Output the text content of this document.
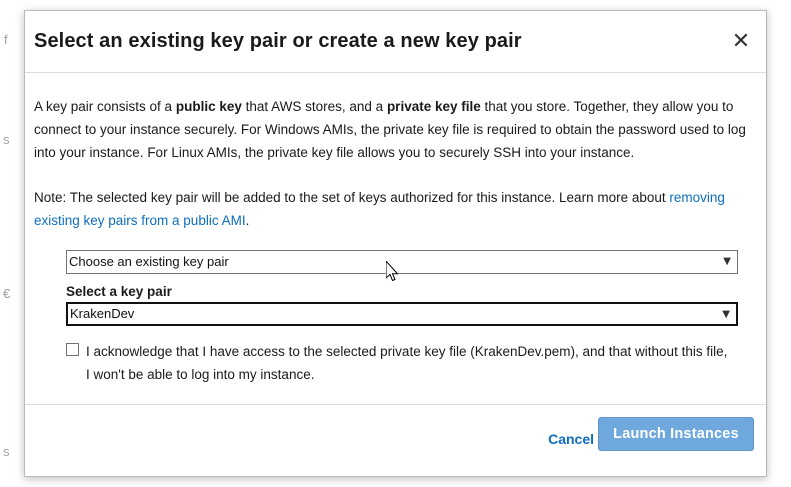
f
s
€
s
Select an existing key pair or create a new key pair	✕

A key pair consists of a public key that AWS stores, and a private key file that you store. Together, they allow you to connect to your instance securely. For Windows AMIs, the private key file is required to obtain the password used to log into your instance. For Linux AMIs, the private key file allows you to securely SSH into your instance.

Note: The selected key pair will be added to the set of keys authorized for this instance. Learn more about removing existing key pairs from a public AMI.

Choose an existing key pair	▼
Select a key pair
KrakenDev	▼
I acknowledge that I have access to the selected private key file (KrakenDev.pem), and that without this file, I won't be able to log into my instance.
Cancel	Launch Instances
